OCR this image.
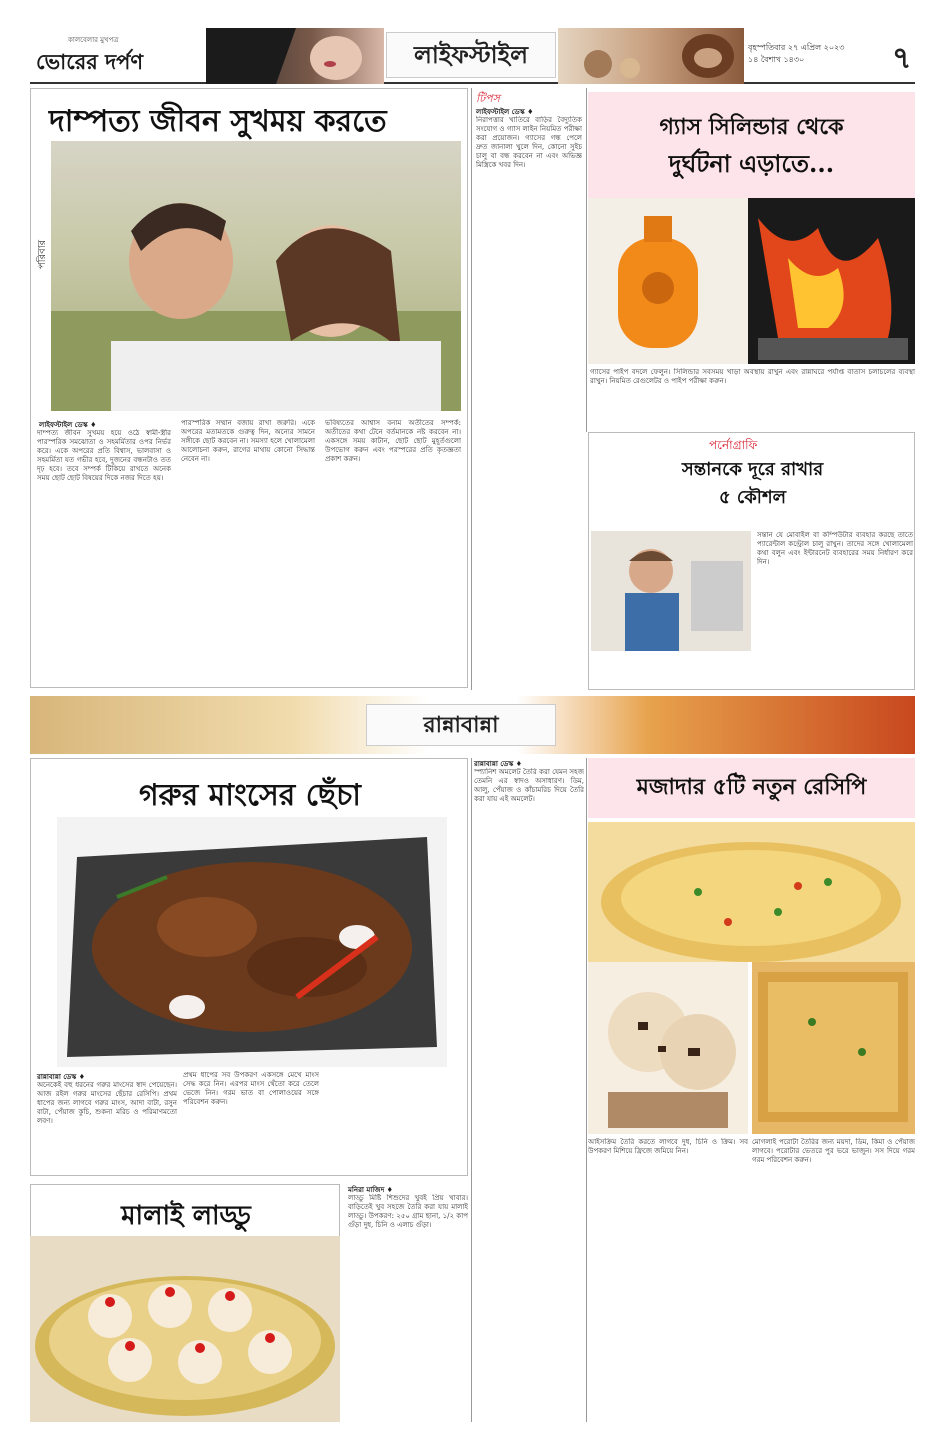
কালবেলার মুখপত্র
ভোরের দর্পণ	লাইফস্টাইল	বৃহস্পতিবার ২৭ এপ্রিল ২০২৩
১৪ বৈশাখ ১৪৩০	৭
দাম্পত্য জীবন সুখময় করতে
পরিবার
লাইফস্টাইল ডেস্ক ♦
দাম্পত্য জীবন সুখময় হয়ে ওঠে স্বামী-স্ত্রীর পারস্পরিক সমঝোতা ও সহমর্মিতার ওপর নির্ভর করে। একে অপরের প্রতি বিশ্বাস, ভালবাসা ও সহমর্মিতা যত গভীর হবে, দুজনের বন্ধনটাও তত দৃঢ় হবে। তবে সম্পর্ক টিকিয়ে রাখতে অনেক সময় ছোট ছোট বিষয়ের দিকে নজর দিতে হয়।
পারস্পরিক সম্মান বজায় রাখা জরুরি। একে অপরের মতামতকে গুরুত্ব দিন, অন্যের সামনে সঙ্গীকে ছোট করবেন না। সমস্যা হলে খোলামেলা আলোচনা করুন, রাগের মাথায় কোনো সিদ্ধান্ত নেবেন না।
ভবিষ্যতের আশ্বাস বনাম অতীতের সম্পর্ক: অতীতের কথা টেনে বর্তমানকে নষ্ট করবেন না। একসঙ্গে সময় কাটান, ছোট ছোট মুহূর্তগুলো উপভোগ করুন এবং পরস্পরের প্রতি কৃতজ্ঞতা প্রকাশ করুন।
টিপস
লাইফস্টাইল ডেস্ক ♦
নিরাপত্তার খাতিরে বাড়ির বৈদ্যুতিক সংযোগ ও গ্যাস লাইন নিয়মিত পরীক্ষা করা প্রয়োজন। গ্যাসের গন্ধ পেলে দ্রুত জানালা খুলে দিন, কোনো সুইচ চালু বা বন্ধ করবেন না এবং অভিজ্ঞ মিস্ত্রিকে খবর দিন।
গ্যাস সিলিন্ডার থেকে
দুর্ঘটনা এড়াতে...
গ্যাসের পাইপ বদলে ফেলুন। সিলিন্ডার সবসময় খাড়া অবস্থায় রাখুন এবং রান্নাঘরে পর্যাপ্ত বাতাস চলাচলের ব্যবস্থা রাখুন। নিয়মিত রেগুলেটর ও পাইপ পরীক্ষা করুন।
পর্নোগ্রাফি
সন্তানকে দূরে রাখার
৫ কৌশল
সন্তান যে মোবাইল বা কম্পিউটার ব্যবহার করছে তাতে প্যারেন্টাল কন্ট্রোল চালু রাখুন। তাদের সঙ্গে খোলামেলা কথা বলুন এবং ইন্টারনেট ব্যবহারের সময় নির্ধারণ করে দিন।
রান্নাবান্না
গরুর মাংসের ছেঁচা
রান্নাবান্না ডেস্ক ♦
অনেকেই বহু ধরনের গরুর মাংসের স্বাদ পেয়েছেন। আজ রইল গরুর মাংসের ছেঁচার রেসিপি। প্রথম ধাপের জন্য লাগবে গরুর মাংস, আদা বাটা, রসুন বাটা, পেঁয়াজ কুচি, শুকনা মরিচ ও পরিমাণমতো লবণ।
প্রথম ধাপের সব উপকরণ একসঙ্গে মেখে মাংস সেদ্ধ করে নিন। এরপর মাংস থেঁতো করে তেলে ভেজে নিন। গরম ভাত বা পোলাওয়ের সঙ্গে পরিবেশন করুন।
মালাই লাড্ডু
মনিরা মাজিদ ♦
লাড্ডু মিষ্টি শিশুদের খুবই প্রিয় খাবার। বাড়িতেই খুব সহজে তৈরি করা যায় মালাই লাড্ডু। উপকরণ: ২৫০ গ্রাম ছানা, ১/২ কাপ গুঁড়া দুধ, চিনি ও এলাচ গুঁড়া।
রান্নাবান্না ডেস্ক ♦
স্প্যানিশ অমলেট তৈরি করা যেমন সহজ তেমনি এর স্বাদও অসাধারণ। ডিম, আলু, পেঁয়াজ ও কাঁচামরিচ দিয়ে তৈরি করা যায় এই অমলেট।	মজাদার ৫টি নতুন রেসিপি
আইসক্রিম তৈরি করতে লাগবে দুধ, চিনি ও ক্রিম। সব উপকরণ মিশিয়ে ফ্রিজে জমিয়ে নিন।
মোগলাই পরোটা তৈরির জন্য ময়দা, ডিম, কিমা ও পেঁয়াজ লাগবে। পরোটার ভেতরে পুর ভরে ভাজুন। সস দিয়ে গরম গরম পরিবেশন করুন।
